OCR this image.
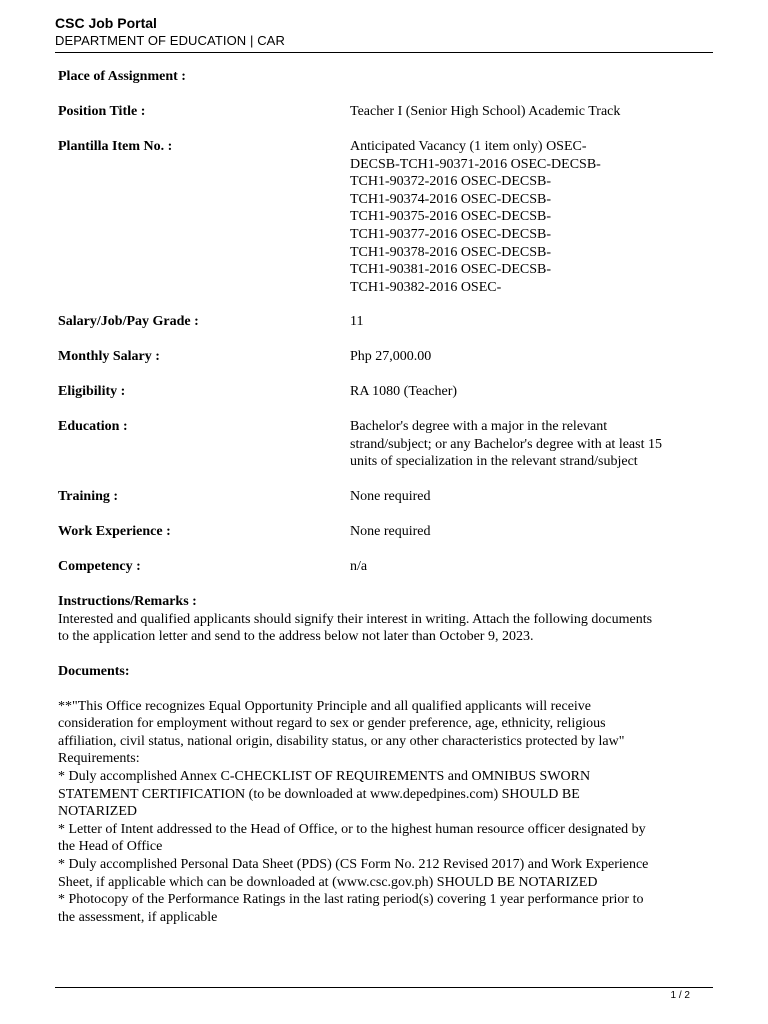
CSC Job Portal
DEPARTMENT OF EDUCATION | CAR
Place of Assignment :
Position Title :	Teacher I (Senior High School) Academic Track
Plantilla Item No. :	Anticipated Vacancy (1 item only) OSEC-
DECSB-TCH1-90371-2016 OSEC-DECSB-
TCH1-90372-2016 OSEC-DECSB-
TCH1-90374-2016 OSEC-DECSB-
TCH1-90375-2016 OSEC-DECSB-
TCH1-90377-2016 OSEC-DECSB-
TCH1-90378-2016 OSEC-DECSB-
TCH1-90381-2016 OSEC-DECSB-
TCH1-90382-2016 OSEC-
Salary/Job/Pay Grade :	11
Monthly Salary :	Php 27,000.00
Eligibility :	RA 1080 (Teacher)
Education :	Bachelor's degree with a major in the relevant
strand/subject; or any Bachelor's degree with at least 15
units of specialization in the relevant strand/subject
Training :	None required
Work Experience :	None required
Competency :	n/a
Instructions/Remarks :
Interested and qualified applicants should signify their interest in writing. Attach the following documents
to the application letter and send to the address below not later than October 9, 2023.
Documents:
**"This Office recognizes Equal Opportunity Principle and all qualified applicants will receive
consideration for employment without regard to sex or gender preference, age, ethnicity, religious
affiliation, civil status, national origin, disability status, or any other characteristics protected by law"
Requirements:
* Duly accomplished Annex C-CHECKLIST OF REQUIREMENTS and OMNIBUS SWORN
STATEMENT CERTIFICATION (to be downloaded at www.depedpines.com) SHOULD BE
NOTARIZED
* Letter of Intent addressed to the Head of Office, or to the highest human resource officer designated by
the Head of Office
* Duly accomplished Personal Data Sheet (PDS) (CS Form No. 212 Revised 2017) and Work Experience
Sheet, if applicable which can be downloaded at (www.csc.gov.ph) SHOULD BE NOTARIZED
* Photocopy of the Performance Ratings in the last rating period(s) covering 1 year performance prior to
the assessment, if applicable
1 / 2
